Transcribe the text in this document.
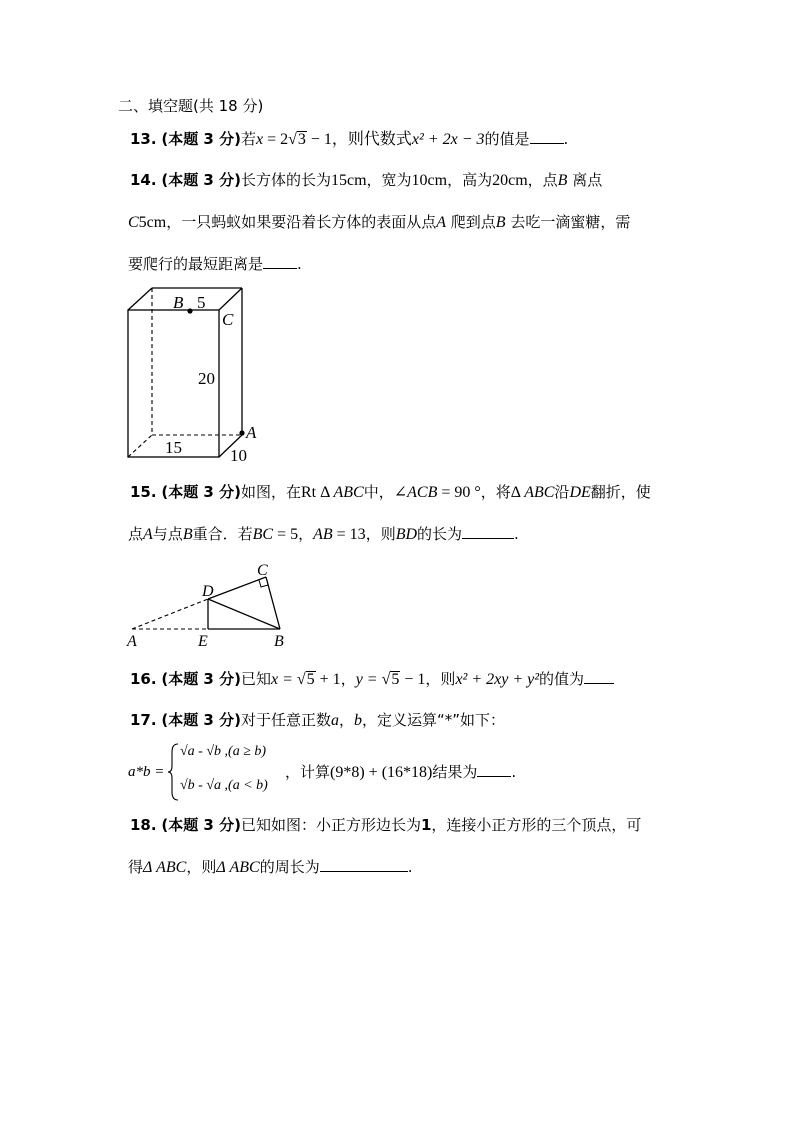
二、填空题(共 18 分)
13. (本题 3 分)若x = 2√3 − 1，则代数式x² + 2x − 3的值是 .
14. (本题 3 分)长方体的长为15cm，宽为10cm，高为20cm，点B 离点
C5cm，一只蚂蚁如果要沿着长方体的表面从点A 爬到点B 去吃一滴蜜糖，需
要爬行的最短距离是 .
B 5
C
20
A
15	10
15. (本题 3 分)如图，在Rt Δ ABC中，∠ACB = 90 °，将Δ ABC沿DE翻折，使
点A与点B重合．若BC = 5，AB = 13，则BD的长为	.
C
D
A	E	B
16. (本题 3 分)已知x = √5 + 1，y = √5 − 1，则x² + 2xy + y²的值为
17. (本题 3 分)对于任意正数a，b，定义运算“*”如下：
a*b =
√a - √b ,(a ≥ b)
√b - √a ,(a < b)
，计算(9*8) + (16*18)结果为 .
18. (本题 3 分)已知如图：小正方形边长为1，连接小正方形的三个顶点，可
得Δ ABC，则Δ ABC的周长为	.
